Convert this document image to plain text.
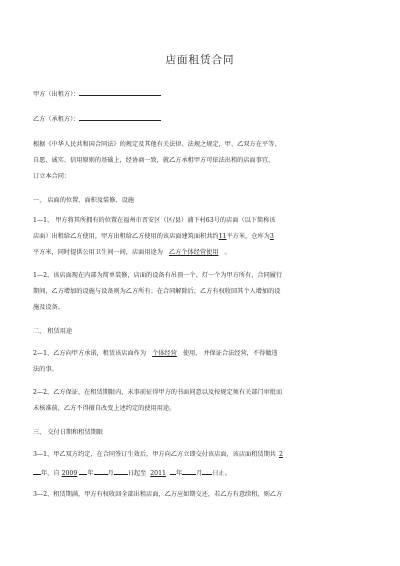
店面租赁合同
甲方（出租方）：
乙方（承租方）：
根据《中华人民共和国合同法》的规定及其他有关法律、法规之规定，甲、乙双方在平等、
自愿、诚实、信用原则的基础上，经协商一致，就乙方承租甲方可依法出租的店面事宜，
订立本合同：
一、 店面的位置、面积及装修、设施
1—1、 甲方将其所拥有的位置在福州市晋安区（区/县）浦下村63号的店面（以下简称该
店面）出租给乙方使用，甲方出租给乙方使用的该店面建筑面积共约11平方米，仓库为3
平方米，同时提供公用卫生间一间，店面用途为 乙方个体经营使用 。
1—2、该店面现在内部为简单装修，店面的设备有吊顶一个、灯一个为甲方所有，合同履行
期间，乙方增加的设施与设备则为乙方所有；在合同解除后，乙方有权收回其个人增加的设
施及设备。
二、 租赁用途
2—1、乙方向甲方承诺，租赁该店面作为 个体经营 使用， 并保证合法经营，不得做违
法的事。
2—2、乙方保证，在租赁期限内，未事前征得甲方的书面同意以及按规定须有关部门审批而
未核准前，乙方不得擅自改变上述约定的使用用途。
三、 交付日期和租赁期限
3—1、甲乙双方约定，在合同签订生效后，甲方向乙方立即交付该店面，该店面租赁期共 2
年，自 2009 年 月 日起至 2011 年 月 日止。
3—2、租赁期满，甲方有权收回全部出租店面，乙方应如期交还，若乙方有意续租，则乙方
